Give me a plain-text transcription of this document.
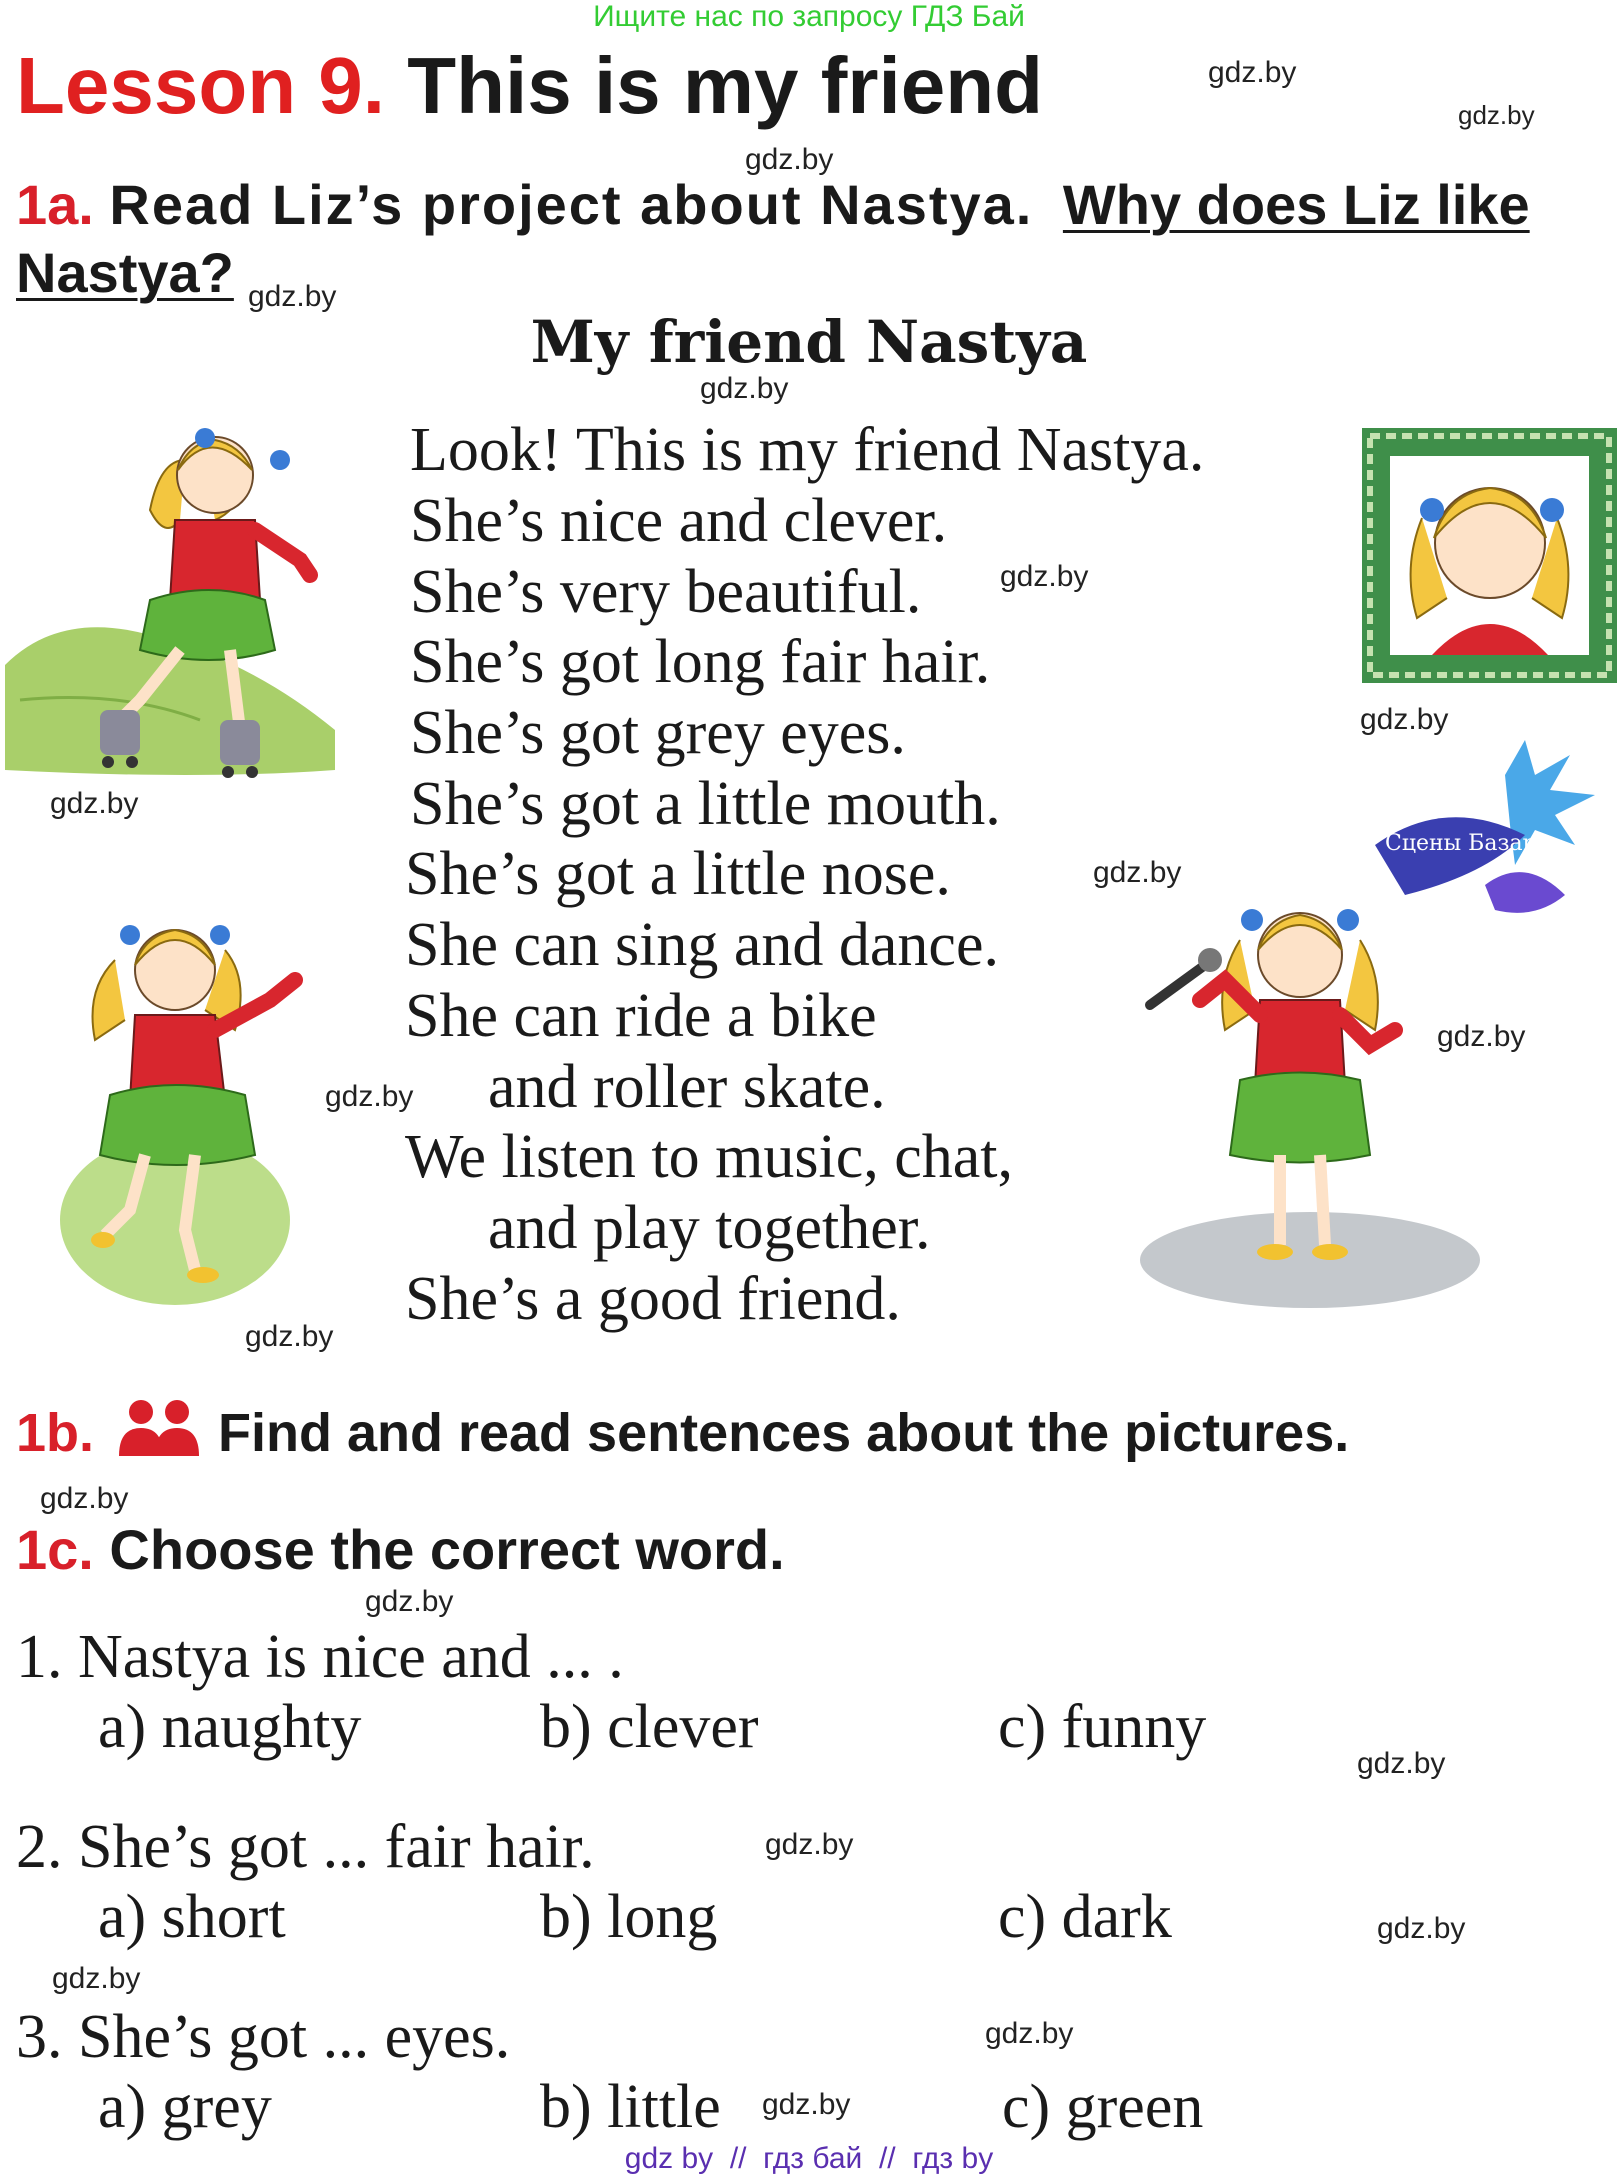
Ищите нас по запросу ГДЗ Бай
Lesson 9. This is my friend
1a. Read Liz’s project about Nastya. Why does Liz like
Nastya?
My friend Nastya
Look! This is my friend Nastya.
She’s nice and clever.
She’s very beautiful.
She’s got long fair hair.
She’s got grey eyes.
She’s got a little mouth.
She’s got a little nose.
She can sing and dance.
She can ride a bike
and roller skate.
We listen to music, chat,
and play together.
She’s a good friend.
Сцены Базар
1b. Find and read sentences about the pictures.
1c. Choose the correct word.
1. Nastya is nice and ... .
a) naughty	b) clever	c) funny
2. She’s got ... fair hair.
a) short	b) long	c) dark
3. She’s got ... eyes.
a) grey	b) little	c) green
gdz.by
gdz.by
gdz.by
gdz.by
gdz.by
gdz.by
gdz.by
gdz.by
gdz.by
gdz.by
gdz.by
gdz.by
gdz.by
gdz.by
gdz.by
gdz.by
gdz.by
gdz.by
gdz.by
gdz.by
gdz by  //  гдз бай  //  гдз by
